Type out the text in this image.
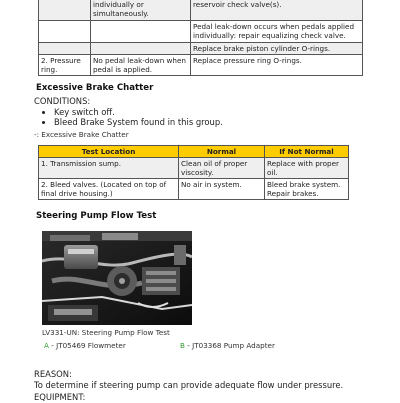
	individually or simultaneously.	reservoir check valve(s).
		Pedal leak-down occurs when pedals applied individually: repair equalizing check valve.
		Replace brake piston cylinder O-rings.
2. Pressure ring.	No pedal leak-down when pedal is applied.	Replace pressure ring O-rings.
Excessive Brake Chatter
CONDITIONS:
• Key switch off.
• Bleed Brake System found in this group.
-: Excessive Brake Chatter
Test Location	Normal	If Not Normal
1. Transmission sump.	Clean oil of proper viscosity.	Replace with proper oil.
2. Bleed valves. (Located on top of final drive housing.)	No air in system.	Bleed brake system. Repair brakes.
Steering Pump Flow Test
LV331-UN: Steering Pump Flow Test
A - JT05469 Flowmeter	B - JT03368 Pump Adapter
REASON:
To determine if steering pump can provide adequate flow under pressure.
EQUIPMENT:
